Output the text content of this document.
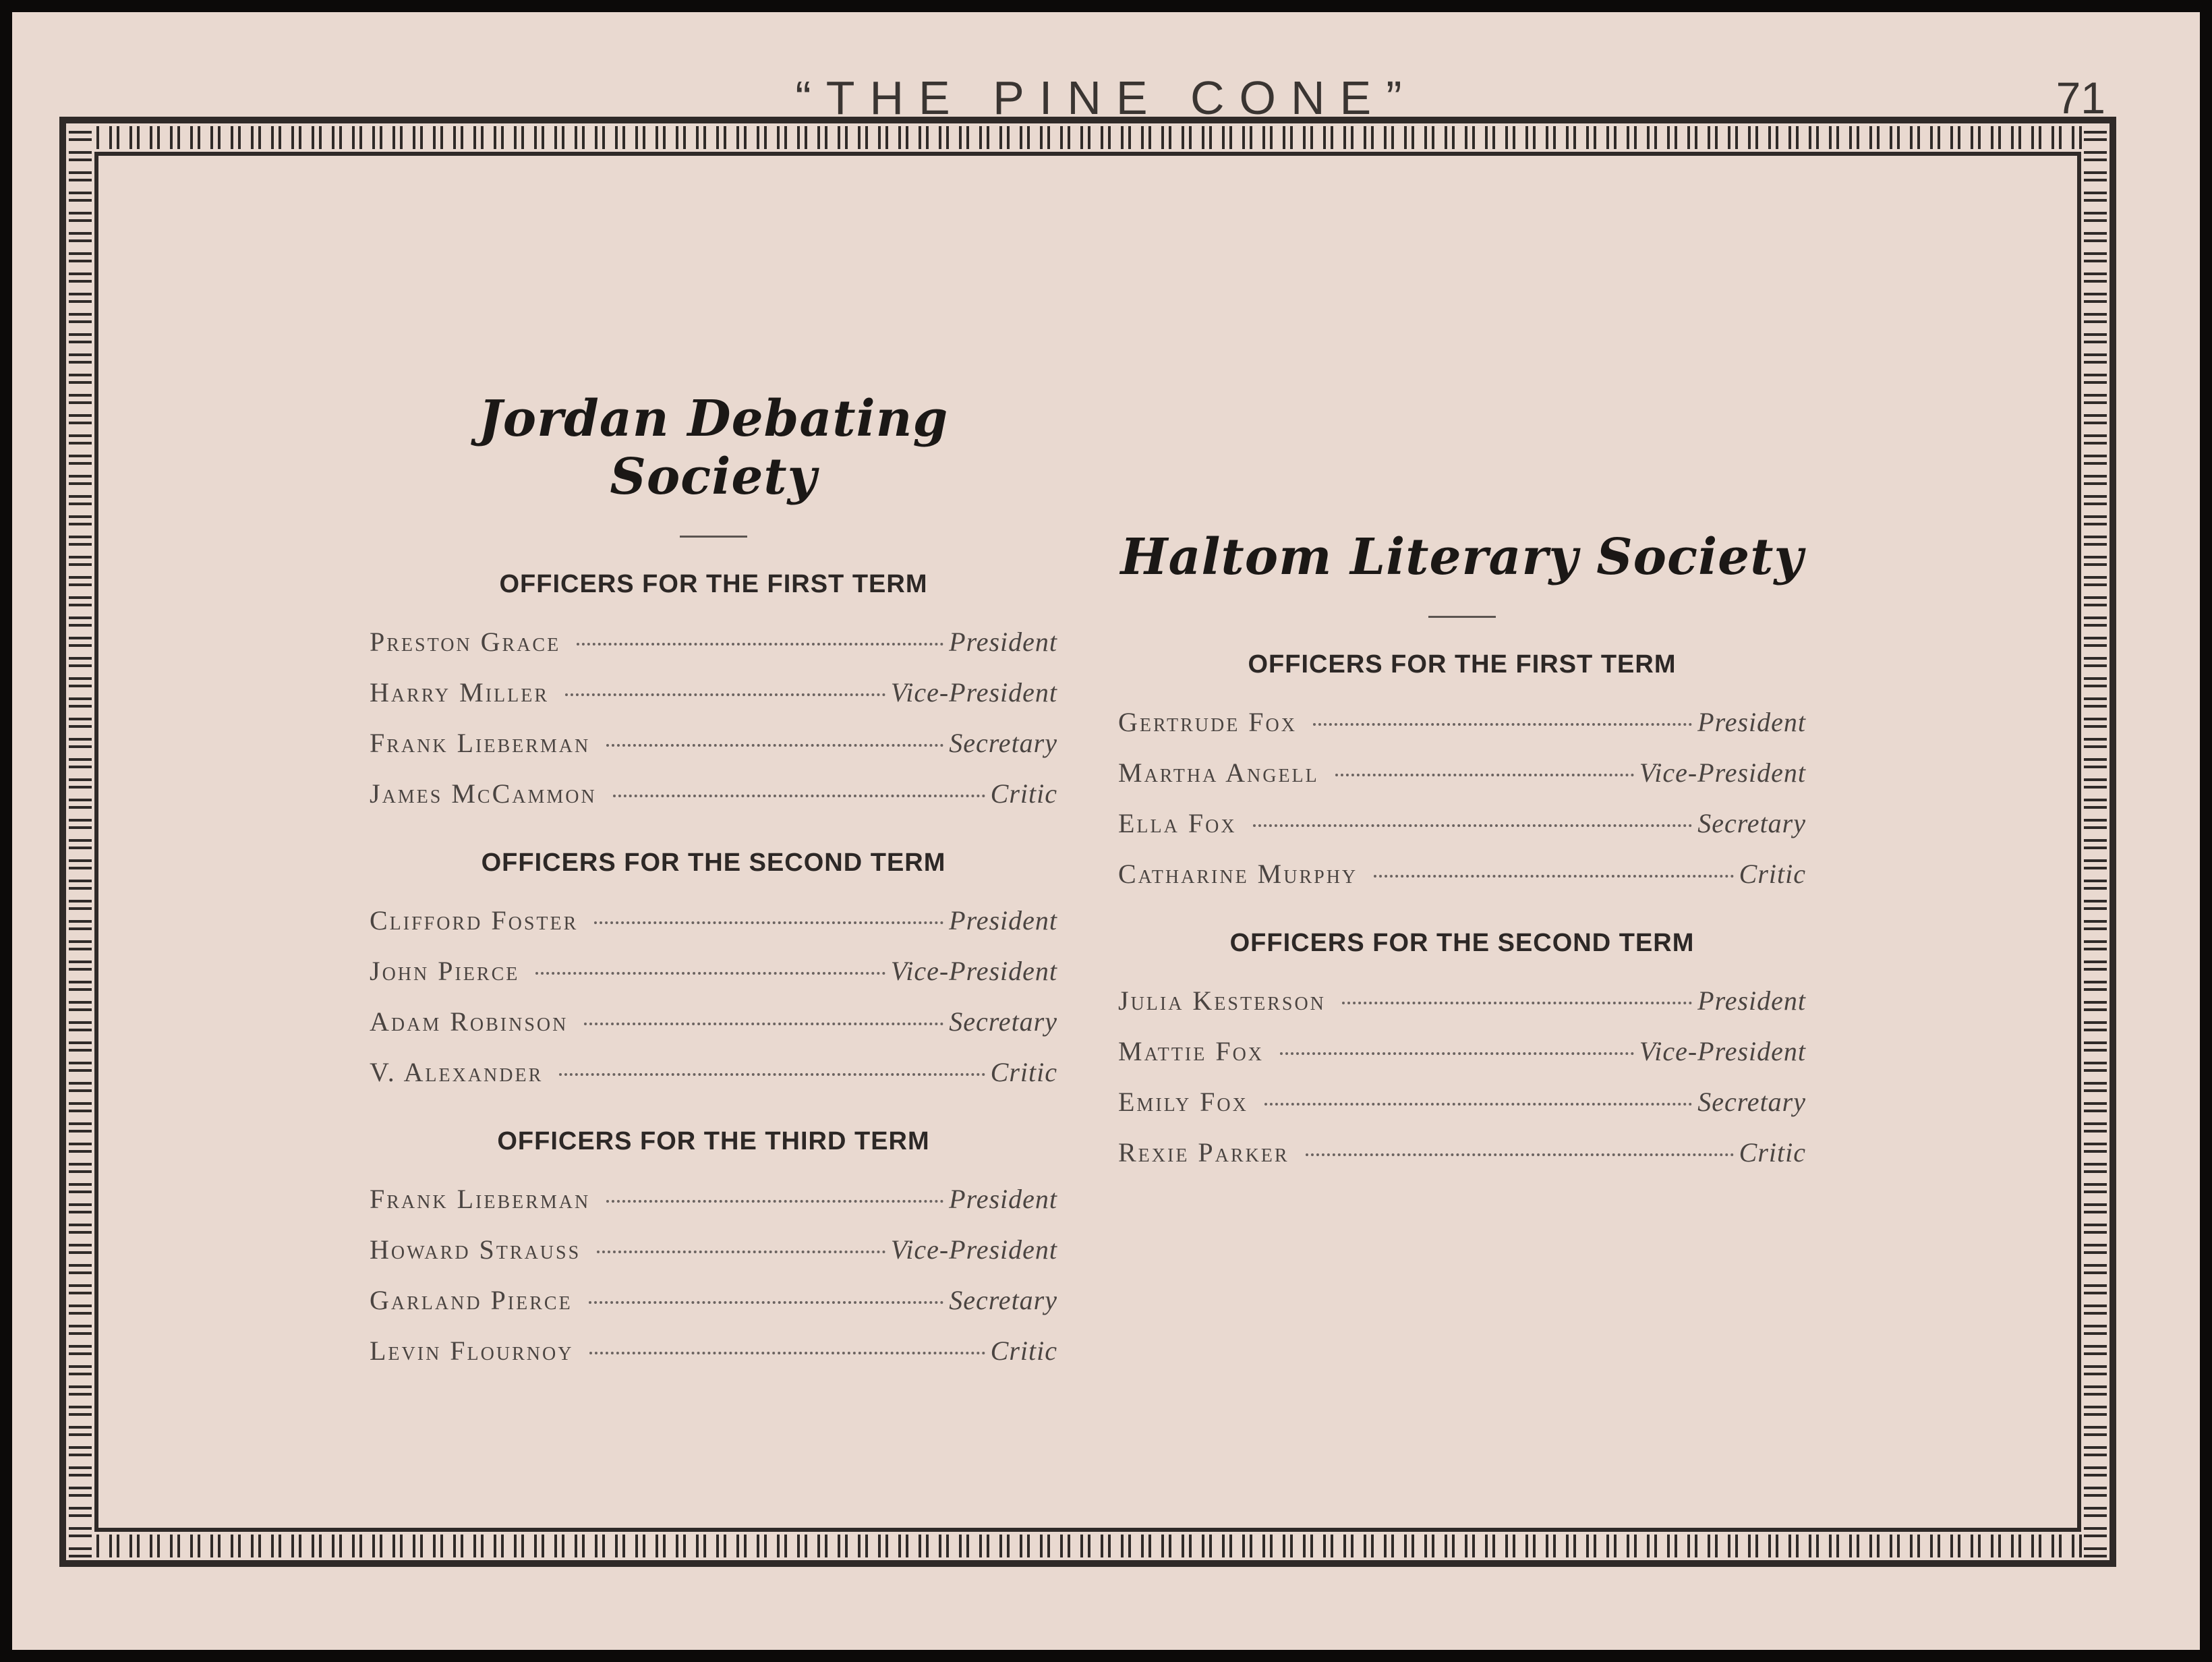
“THE PINE CONE”	71
Jordan Debating Society
OFFICERS FOR THE FIRST TERM
Preston Grace	President
Harry Miller	Vice-President
Frank Lieberman	Secretary
James McCammon	Critic
OFFICERS FOR THE SECOND TERM
Clifford Foster	President
John Pierce	Vice-President
Adam Robinson	Secretary
V. Alexander	Critic
OFFICERS FOR THE THIRD TERM
Frank Lieberman	President
Howard Strauss	Vice-President
Garland Pierce	Secretary
Levin Flournoy	Critic
Haltom Literary Society
OFFICERS FOR THE FIRST TERM
Gertrude Fox	President
Martha Angell	Vice-President
Ella Fox	Secretary
Catharine Murphy	Critic
OFFICERS FOR THE SECOND TERM
Julia Kesterson	President
Mattie Fox	Vice-President
Emily Fox	Secretary
Rexie Parker	Critic
